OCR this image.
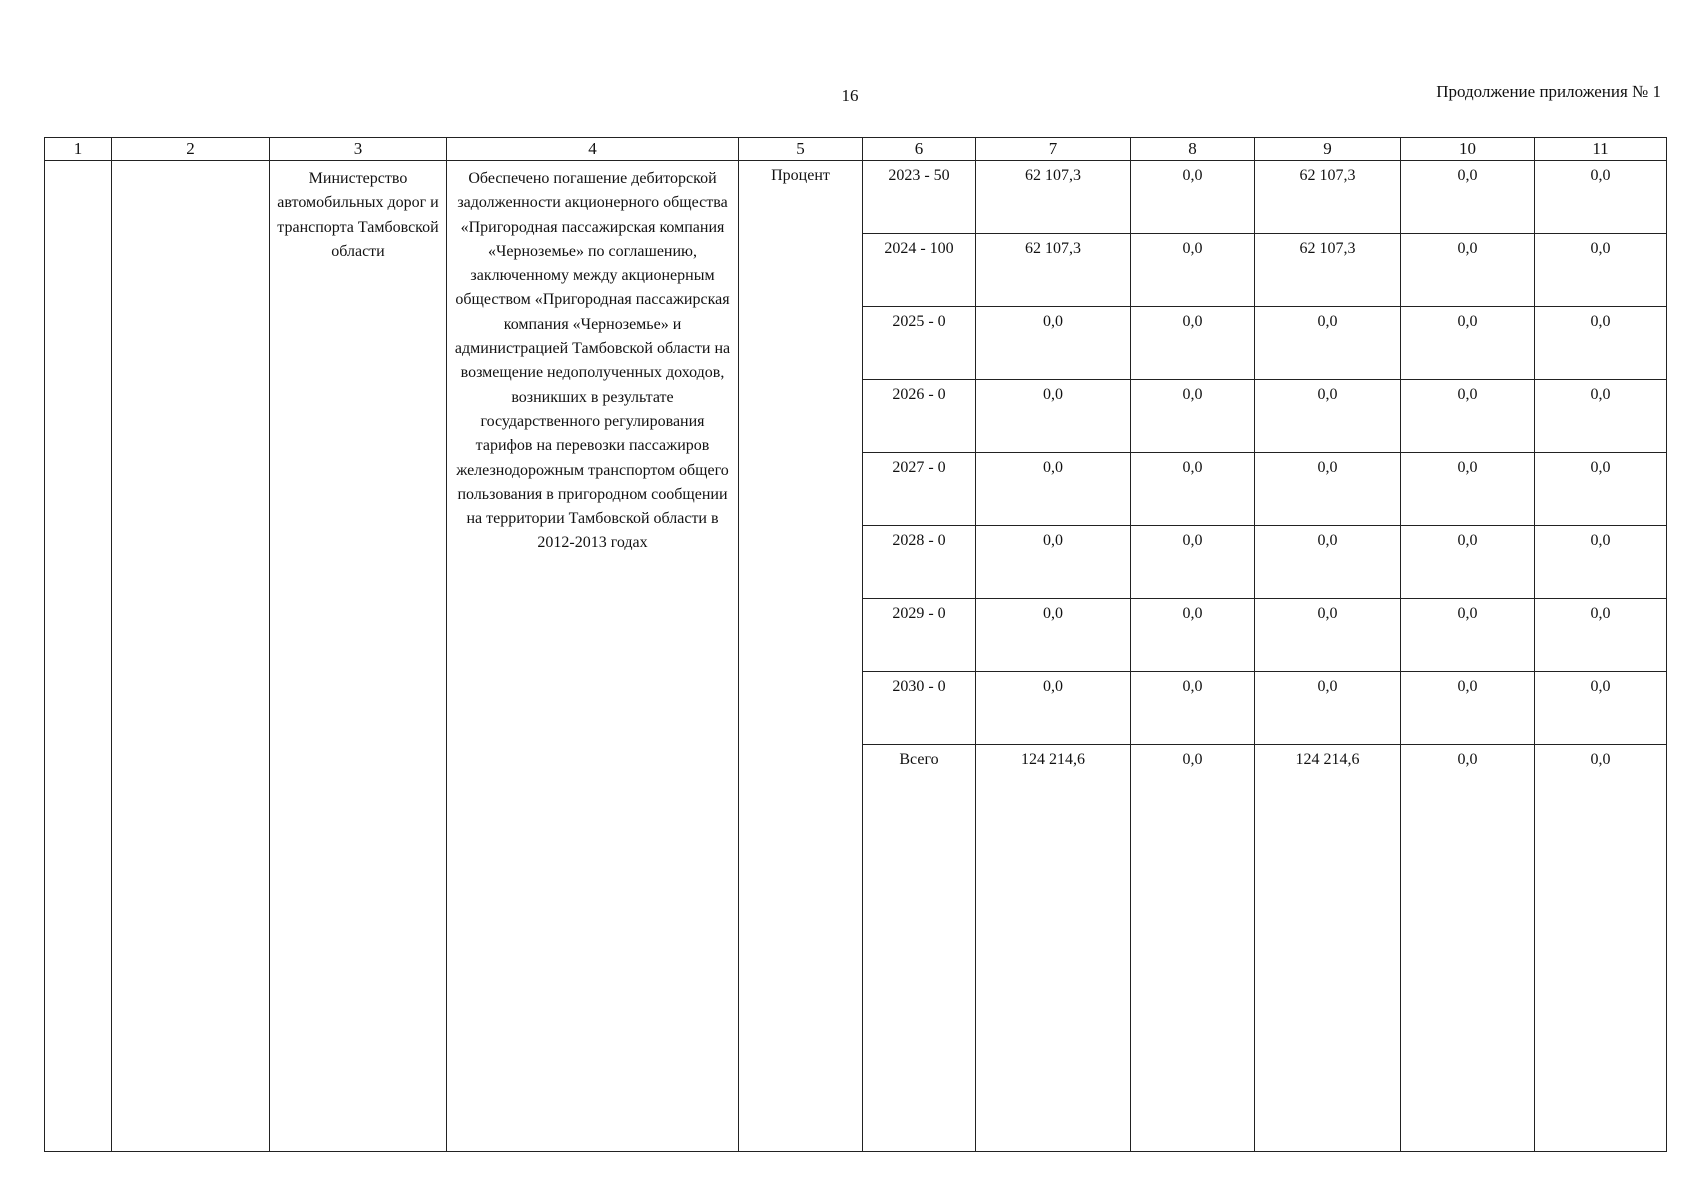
16	Продолжение приложения № 1
1	2	3	4	5	6	7	8	9	10	11
		Министерство автомобильных дорог и транспорта Тамбовской области	Обеспечено погашение дебиторской задолженности акционерного общества «Пригородная пассажирская компания «Черноземье» по соглашению, заключенному между акционерным обществом «Пригородная пассажирская компания «Черноземье» и администрацией Тамбовской области на возмещение недополученных доходов, возникших в результате государственного регулирования тарифов на перевозки пассажиров железнодорожным транспортом общего пользования в пригородном сообщении на территории Тамбовской области в 2012-2013 годах	Процент	2023 - 50	62 107,3	0,0	62 107,3	0,0	0,0
					2024 - 100	62 107,3	0,0	62 107,3	0,0	0,0
					2025 - 0	0,0	0,0	0,0	0,0	0,0
					2026 - 0	0,0	0,0	0,0	0,0	0,0
					2027 - 0	0,0	0,0	0,0	0,0	0,0
					2028 - 0	0,0	0,0	0,0	0,0	0,0
					2029 - 0	0,0	0,0	0,0	0,0	0,0
					2030 - 0	0,0	0,0	0,0	0,0	0,0
					Всего	124 214,6	0,0	124 214,6	0,0	0,0
